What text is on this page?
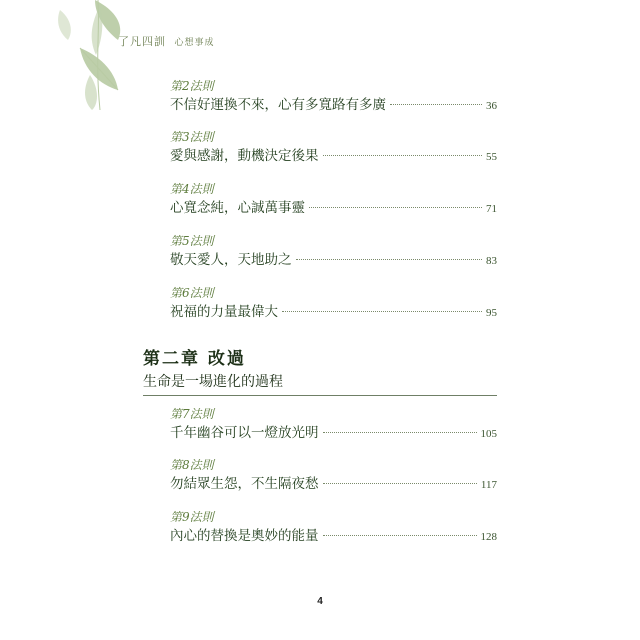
了凡四訓 心想事成
第2法則
不信好運換不來，心有多寬路有多廣	36
第3法則
愛與感謝，動機決定後果	55
第4法則
心寬念純，心誠萬事靈	71
第5法則
敬天愛人，天地助之	83
第6法則
祝福的力量最偉大	95
第二章 改過
生命是一場進化的過程
第7法則
千年幽谷可以一燈放光明	105
第8法則
勿結眾生怨，不生隔夜愁	117
第9法則
內心的替換是奧妙的能量	128
4
